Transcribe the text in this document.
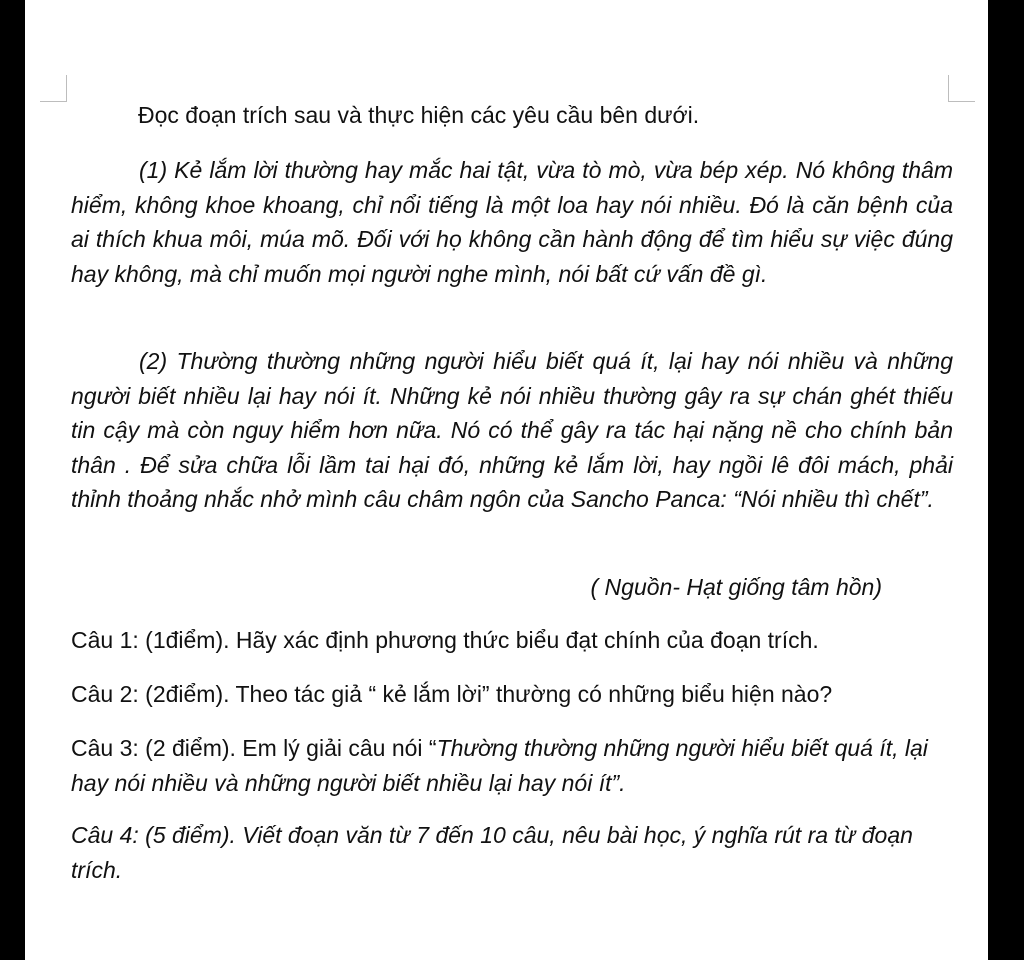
Đọc đoạn trích sau và thực hiện các yêu cầu bên dưới.
(1) Kẻ lắm lời thường hay mắc hai tật, vừa tò mò, vừa bép xép. Nó không thâm hiểm, không khoe khoang, chỉ nổi tiếng là một loa hay nói nhiều. Đó là căn bệnh của ai thích khua môi, múa mõ. Đối với họ không cần hành động để tìm hiểu sự việc đúng hay không, mà chỉ muốn mọi người nghe mình, nói bất cứ vấn đề gì.
(2) Thường thường những người hiểu biết quá ít, lại hay nói nhiều và những người biết nhiều lại hay nói ít. Những kẻ nói nhiều thường gây ra sự chán ghét thiếu tin cậy mà còn nguy hiểm hơn nữa. Nó có thể gây ra tác hại nặng nề cho chính bản thân . Để sửa chữa lỗi lầm tai hại đó, những kẻ lắm lời, hay ngồi lê đôi mách, phải thỉnh thoảng nhắc nhở mình câu châm ngôn của Sancho Panca: “Nói nhiều thì chết”.
( Nguồn- Hạt giống tâm hồn)
Câu 1: (1điểm). Hãy xác định phương thức biểu đạt chính của đoạn trích.
Câu 2: (2điểm). Theo tác giả “ kẻ lắm lời” thường có những biểu hiện nào?
Câu 3: (2 điểm). Em lý giải câu nói “Thường thường những người hiểu biết quá ít, lại hay nói nhiều và những người biết nhiều lại hay nói ít”.
Câu 4: (5 điểm). Viết đoạn văn từ 7 đến 10 câu, nêu bài học, ý nghĩa rút ra từ đoạn trích.
